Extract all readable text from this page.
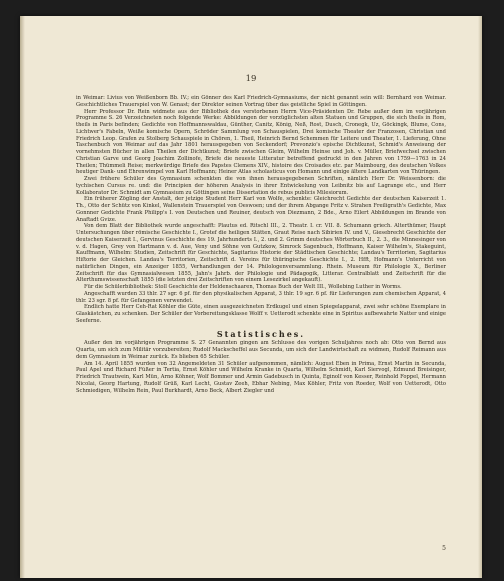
19

in Weimar: Livius von Weißenborn Bb. IV.; ein Gönner des Karl Friedrich-Gymnasiums, der nicht genannt sein will: Bernhard von Weimar. Geschichtliches Trauerspiel von W. Genast; der Direktor seinen Vortrag über das geistliche Spiel in Göttingen.

Herr Professor Dr. Rein widmete aus der Bibliothek des verstorbenen Herrn Vice-Präsidenten Dr. Rebe außer dem im vorjährigen Programme S. 26 Verzeichneten noch folgende Werke: Abbildungen der vorzüglichsten alten Statuen und Gruppen, die sich theils in Rom, theils in Paris befinden; Gedichte von Hoffmannswaldau, Günther, Canitz, König, Neß, Rost, Dusch, Cronegk, Uz, Göckingk, Blume, Cons, Lichtwer's Fabeln, Weiße komische Opern, Schröder Sammlung von Schauspielen, Drei komische Theater der Franzosen, Christian und Friedrich Leop. Grafen zu Stolberg Schauspiele in Chören, 1. Theil, Heinrich Bernd Schemmen für Leitere und Theater, 1. Lieferung, Ohne Taschenbuch von Weimar auf das Jahr 1801 herausgegeben von Seckendorf; Prevonzio's epische Dichtkunst, Schmid's Anweisung der vornehmsten Bücher in allen Theilen der Dichtkunst; Briefe zwischen Gleim, Wilhelm Heinse und Joh. v. Müller, Briefwechsel zwischen Christian Garve und Georg Joachim Zollinofe, Briefe die neueste Litteratur betreffend gedruckt in den Jahren von 1759—1763 in 24 Theilen; Thümmeli Reise; merkwürdige Briefe des Papstes Clemens XIV., histoire des Croisades etc. par Maimbourg, des deutschen Volkes heutiger Dank- und Ehrenwimpel von Karl Hoffmann; Heiner Atlas scholasticus von Homann und einige ältere Landkarten von Thüringen.

Zwei frühere Schüler des Gymnasium schenkten die von ihnen herausgegebenen Schriften, nämlich Herr Dr. Weissenborn: die tychischen Cursus re. und: die Principien der höheren Analysis in ihrer Entwickelung von Leibnitz bis auf Lagrange etc., und Herr Kollaborator Dr. Schmidt am Gymnasium zu Göttingen seine Dissertation de rebus publicis Milesiorum.

Ein früherer Zögling der Anstalt, der jetzige Student Herr Karl von Wolfe, schenkte: Gleichrecht Gedichte der deutschen Kaiserzeit 1. Th., Otto der Schütz von Kinkel, Wallenstein Trauerspiel von Oeswoen; und der ihrem Abgange Fritz v. Strahen Freiligrath's Gedichte, Max Gonnner Gedichte Frank Philipp's I. von Deutschen und Reuiner, deutsch von Diezmann, 2 Bde., Arno Eilert Abbildungen im Brande von Anaftadt Gvize.

Von dem Blatt der Bibliothek wurde angeschafft: Plautus ed. Ritschl III., 2. Theatr. I. cr. VII. 8. Schumann griech. Alterthümer, Haupt Untersuchungen über römische Geschichte I., Grotef die heiligen Stätten, Graut Reise nach Sibirien IV. und V., Giesebrecht Geschichte der deutschen Kaiserzeit I., Gervinus Geschichte des 19. Jahrhunderts I., 2. und 2. Grimm deutsches Wörterbuch II., 2. 3., die Minnesinger von v. d. Hagen, Grey von Hartmann v. d. Aue, Veny und Söhne von Gutzkow, Simrock Sagenbuch, Hoffmann, Kaiser Wilhelm's, Stakeguint, Kauffmann, Wilhelm: Studien, Zeitschrift für Geschichte, Sagitarius Historie der Städtischen Geschichte; Landau's Territorien, Sagitarius Hiſtorie der Gleichen. Landau's Territorien, Zeitschrift d. Vereins für thüringische Geschichte I., 2. Hfft, Hofmann's Unterricht von natürlichen Dingen, ein Anzeiger 1855, Verhandlungen der 14. Philologenversammlung. Rhein. Museum für Philologie X., Berliner Zeitschrift für das Gymnasialwesen 1855, Jahn's Jahrb. der Philologie und Pädagogik, Litterar. Centralblatt und Zeitschrift für die Alterthumswissenschaft 1855 (die letzten drei Zeitschriften von einem Lesezirkel angekauft).

Für die Schülerbibliothek: Stoll Geschichte der Heldenschaaren, Thomas Buch der Welt III., Wollebing Luther in Worms.

Angeschafft wurden 33 thlr. 27 sgr. 6 pf. für den physikalischen Apparat, 3 thlr. 19 sgr. 6 pf. für Lieferungen zum chemischen Apparat, 4 thlr. 23 sgr. 8 pf. für Gefangenen verwendet.

Endlich hatte Herr Ceh-Rat Köhler die Güte, einen ausgezeichneten Erdkugel und einen Spiegelapparat, zwei sehr schöne Exemplare in Glaskästchen, zu schenken. Der Schüler der Vorbereitungsklasse Wolff v. Uetterodt schenkte eine in Spiritus aufbewahrte Natter und einige Seeferne.

Statistisches.

Außer den im vorjährigen Programme S. 27 Genannten gingen am Schlusse des vorigen Schuljahres noch ab: Otto von Bernd aus Quarta, um sich zum Militär vorzubereiten; Rudolf Mackscheffel aus Secunda, um sich der Landwirtschaft zu widmen, Rudolf Reimann aus dem Gymnasium in Weimar zurück. Es blieben 65 Schüler.

Am 14. April 1855 wurden von 32 Angemeldeten 31 Schüler aufgenommen, nämlich: August Eben in Prima, Ernst Martin in Secunda, Paul Apel und Richard Füßer in Tertia, Ernst Köhler und Wilhelm Kranke in Quarta, Wilhelm Schmidt, Karl Siervogl, Edmund Breisinger, Friedrich Trautwein, Karl Mün, Arno Köhner, Wolf Bommer und Armin Gadebusch in Quinta, Eginolf von Kesser, Reinhold Foppel, Hermann Nicolai, Georg Hartung, Rudolf Grüß, Karl Lecht, Gustav Zeeh, Ebhar Nebing, Max Köhler, Fritz von Roeder, Wolf von Uetterodt, Otto Schmiedigen, Wilhelm Rein, Paul Burkhardt, Arno Beck, Albert Ziegler und

5
